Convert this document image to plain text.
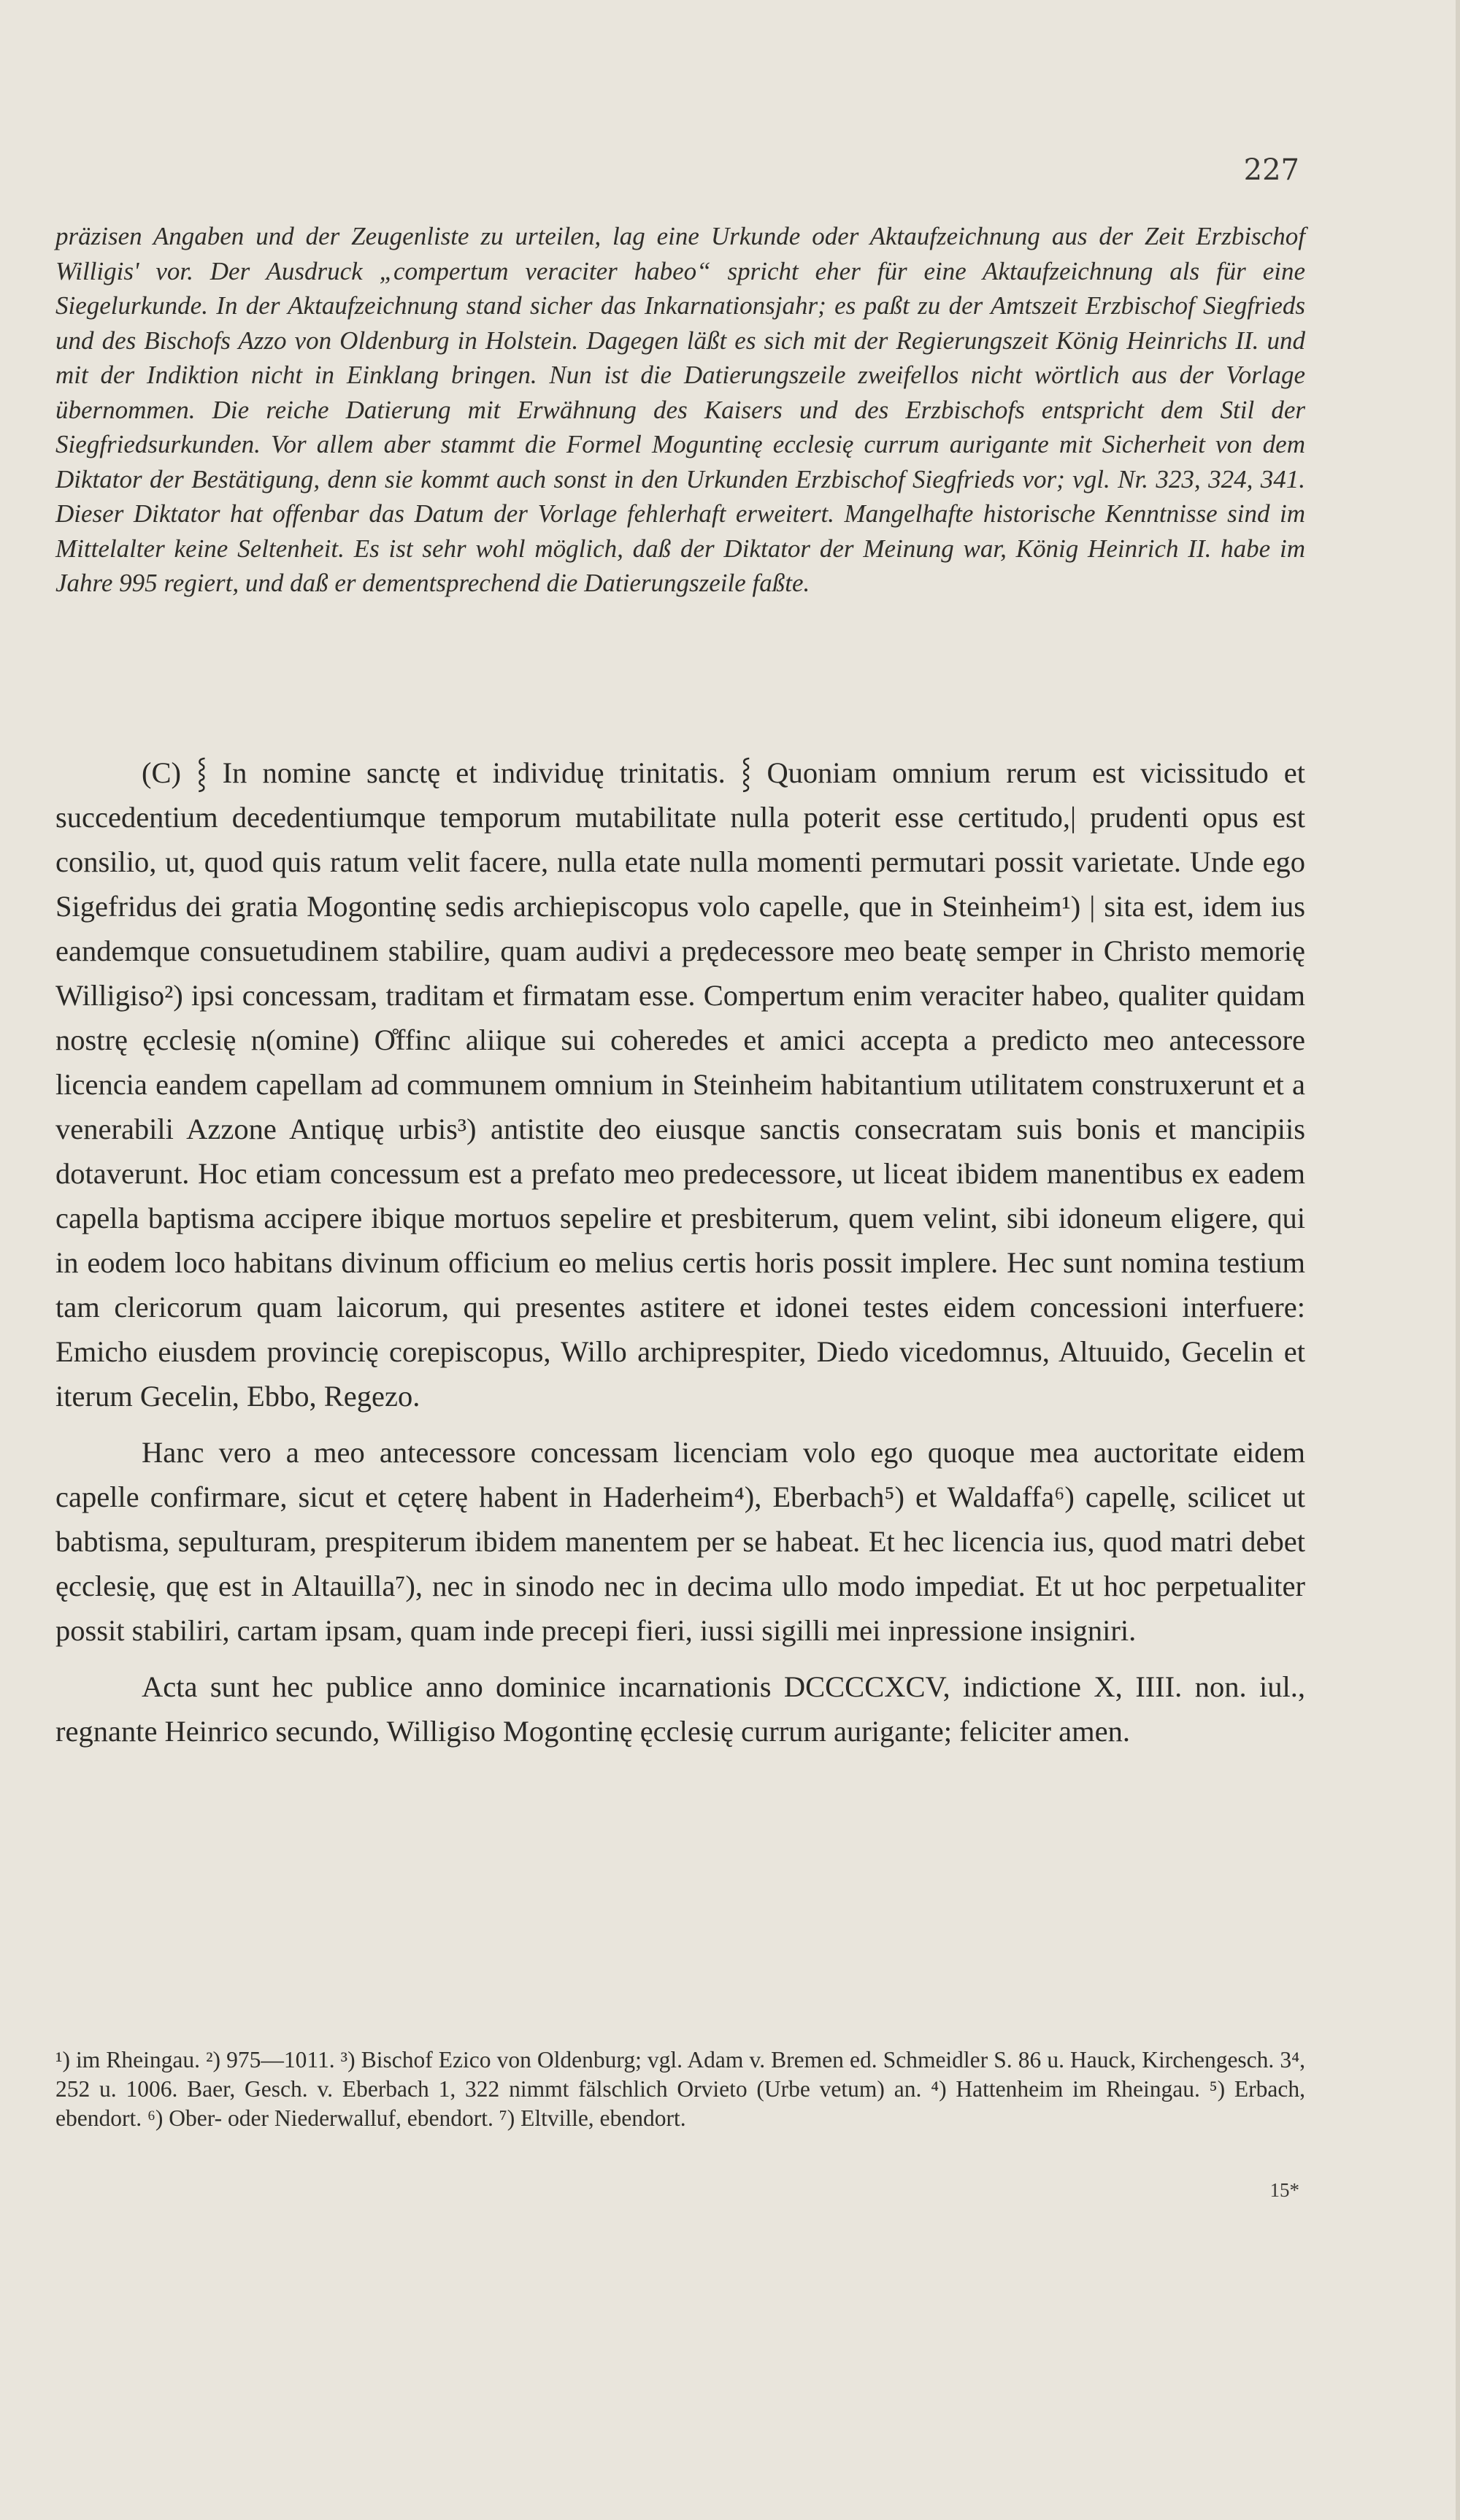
227

präzisen Angaben und der Zeugenliste zu urteilen, lag eine Urkunde oder Aktaufzeichnung aus der Zeit Erzbischof Willigis' vor. Der Ausdruck „compertum veraciter habeo“ spricht eher für eine Aktaufzeichnung als für eine Siegelurkunde. In der Aktaufzeichnung stand sicher das Inkarnationsjahr; es paßt zu der Amtszeit Erzbischof Siegfrieds und des Bischofs Azzo von Oldenburg in Holstein. Dagegen läßt es sich mit der Regierungszeit König Heinrichs II. und mit der Indiktion nicht in Einklang bringen. Nun ist die Datierungszeile zweifellos nicht wörtlich aus der Vorlage übernommen. Die reiche Datierung mit Erwähnung des Kaisers und des Erzbischofs entspricht dem Stil der Siegfriedsurkunden. Vor allem aber stammt die Formel Moguntinę ecclesię currum aurigante mit Sicherheit von dem Diktator der Bestätigung, denn sie kommt auch sonst in den Urkunden Erzbischof Siegfrieds vor; vgl. Nr. 323, 324, 341. Dieser Diktator hat offenbar das Datum der Vorlage fehlerhaft erweitert. Mangelhafte historische Kenntnisse sind im Mittelalter keine Seltenheit. Es ist sehr wohl möglich, daß der Diktator der Meinung war, König Heinrich II. habe im Jahre 995 regiert, und daß er dementsprechend die Datierungszeile faßte.

(C) ⸾ In nomine sanctę et individuę trinitatis. ⸾ Quoniam omnium rerum est vicissitudo et succedentium decedentiumque temporum mutabilitate nulla poterit esse certitudo,| prudenti opus est consilio, ut, quod quis ratum velit facere, nulla etate nulla momenti permutari possit varietate. Unde ego Sigefridus dei gratia Mogontinę sedis archiepiscopus volo capelle, que in Steinheim¹) | sita est, idem ius eandemque consuetudinem stabilire, quam audivi a prędecessore meo beatę semper in Christo memorię Willigiso²) ipsi concessam, traditam et firmatam esse. Compertum enim veraciter habeo, qualiter quidam nostrę ęcclesię n(omine) O̊ffinc aliique sui coheredes et amici accepta a predicto meo antecessore licencia eandem capellam ad communem omnium in Steinheim habitantium utilitatem construxerunt et a venerabili Azzone Antiquę urbis³) antistite deo eiusque sanctis consecratam suis bonis et mancipiis dotaverunt. Hoc etiam concessum est a prefato meo predecessore, ut liceat ibidem manentibus ex eadem capella baptisma accipere ibique mortuos sepelire et presbiterum, quem velint, sibi idoneum eligere, qui in eodem loco habitans divinum officium eo melius certis horis possit implere. Hec sunt nomina testium tam clericorum quam laicorum, qui presentes astitere et idonei testes eidem concessioni interfuere: Emicho eiusdem provincię corepiscopus, Willo archiprespiter, Diedo vicedomnus, Altuuido, Gecelin et iterum Gecelin, Ebbo, Regezo.

Hanc vero a meo antecessore concessam licenciam volo ego quoque mea auctoritate eidem capelle confirmare, sicut et cęterę habent in Haderheim⁴), Eberbach⁵) et Waldaffa⁶) capellę, scilicet ut babtisma, sepulturam, prespiterum ibidem manentem per se habeat. Et hec licencia ius, quod matri debet ęcclesię, quę est in Altauilla⁷), nec in sinodo nec in decima ullo modo impediat. Et ut hoc perpetualiter possit stabiliri, cartam ipsam, quam inde precepi fieri, iussi sigilli mei inpressione insigniri.

Acta sunt hec publice anno dominice incarnationis DCCCCXCV, indictione X, IIII. non. iul., regnante Heinrico secundo, Willigiso Mogontinę ęcclesię currum aurigante; feliciter amen.

¹) im Rheingau. ²) 975—1011. ³) Bischof Ezico von Oldenburg; vgl. Adam v. Bremen ed. Schmeidler S. 86 u. Hauck, Kirchengesch. 3⁴, 252 u. 1006. Baer, Gesch. v. Eberbach 1, 322 nimmt fälschlich Orvieto (Urbe vetum) an. ⁴) Hattenheim im Rheingau. ⁵) Erbach, ebendort. ⁶) Ober- oder Niederwalluf, ebendort. ⁷) Eltville, ebendort.

15*
